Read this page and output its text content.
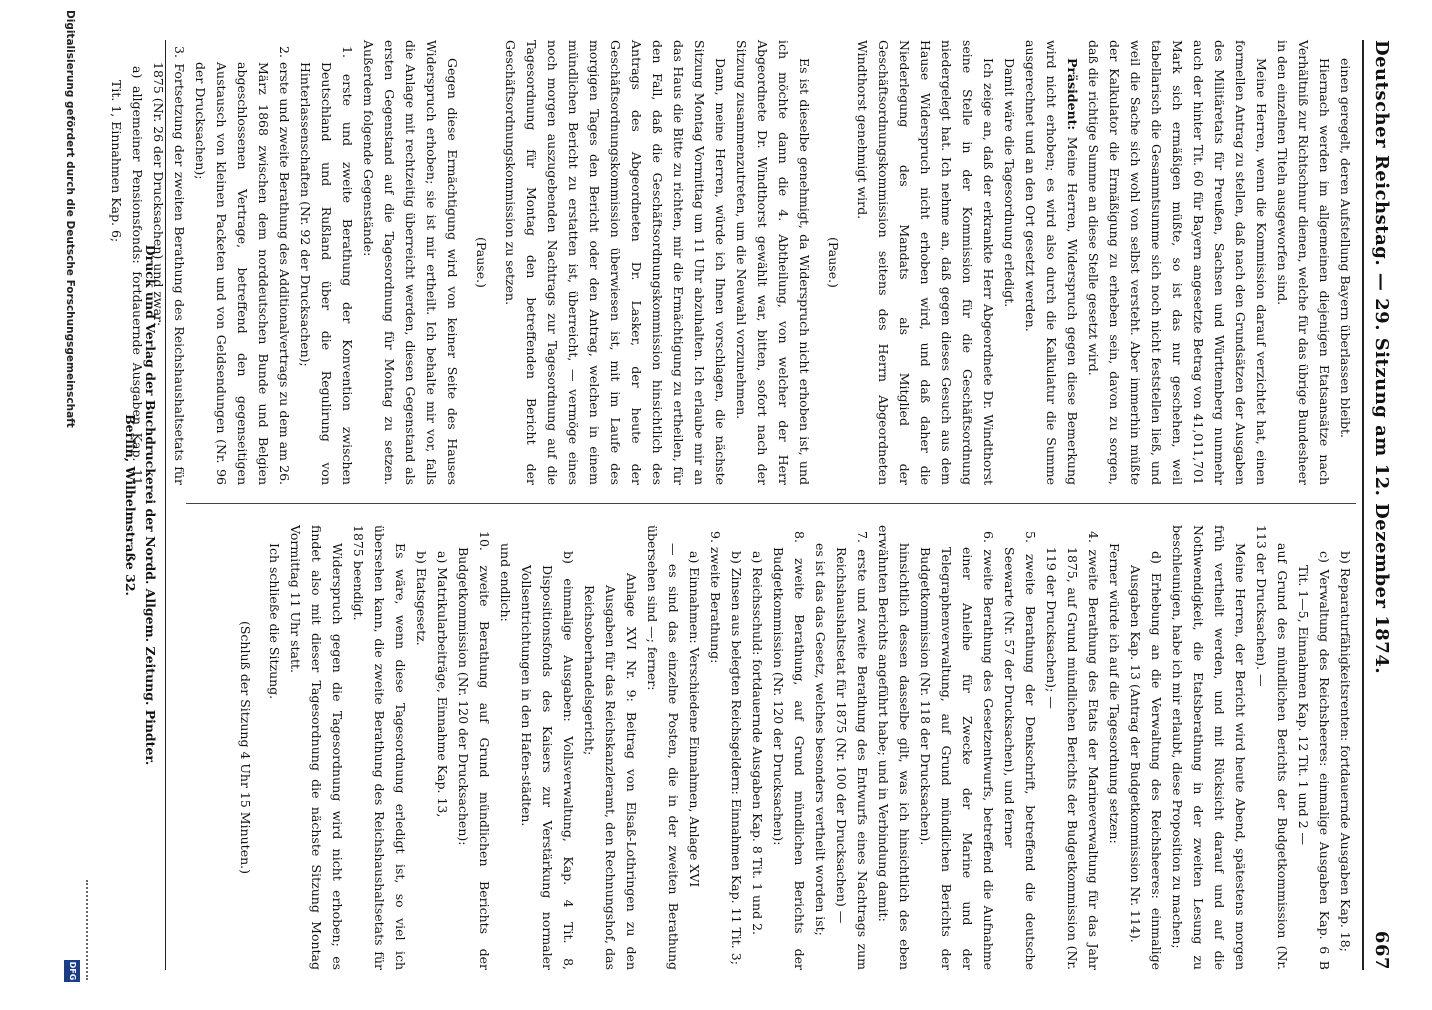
Deutscher Reichstag. — 29. Sitzung am 12. Dezember 1874.
667

einen geregelt, deren Aufstellung Bayern überlassen bleibt.

Hiernach werden im allgemeinen diejenigen Etatsansätze nach Verhältniß zur Richtschnur dienen, welche für das übrige Bundesheer in den einzelnen Titeln ausgeworfen sind.

Meine Herren, wenn die Kommission darauf verzichtet hat, einen formellen Antrag zu stellen, daß nach den Grundsätzen der Ausgaben des Militäretats für Preußen, Sachsen und Württemberg nunmehr auch der hinter Tit. 60 für Bayern angesetzte Betrag von 41,011,701 Mark sich ermäßigen müßte, so ist das nur geschehen, weil tabellarisch die Gesammtsumme sich noch nicht feststellen ließ, und weil die Sache sich wohl von selbst versteht. Aber immerhin müßte der Kalkulator die Ermäßigung zu erheben sein, davon zu sorgen, daß die richtige Summe an diese Stelle gesetzt wird.

Präsident: Meine Herren, Widerspruch gegen diese Bemerkung wird nicht erhoben; es wird also durch die Kalkulatur die Summe ausgerechnet und an den Ort gesetzt werden.

Damit wäre die Tagesordnung erledigt.

Ich zeige an, daß der erkrankte Herr Abgeordnete Dr. Windthorst seine Stelle in der Kommission für die Geschäftsordnung niedergelegt hat. Ich nehme an, daß gegen dieses Gesuch aus dem Hause Widerspruch nicht erhoben wird, und daß daher die Niederlegung des Mandats als Mitglied der Geschäftsordnungskommission seitens des Herrn Abgeordneten Windthorst genehmigt wird.

(Pause.)

Es ist dieselbe genehmigt, da Widerspruch nicht erhoben ist, und ich möchte dann die 4. Abtheilung, von welcher der Herr Abgeordnete Dr. Windthorst gewählt war, bitten, sofort nach der Sitzung zusammenzutreten, um die Neuwahl vorzunehmen.

Dann, meine Herren, würde ich Ihnen vorschlagen, die nächste Sitzung Montag Vormittag um 11 Uhr abzuhalten. Ich erlaube mir an das Haus die Bitte zu richten, mir die Ermächtigung zu ertheilen, für den Fall, daß die Geschäftsordnungskommission hinsichtlich des Antrags des Abgeordneten Dr. Lasker, der heute der Geschäftsordnungskommission überwiesen ist, mit im Laufe des morgigen Tages den Bericht oder den Antrag, welchen in einem mündlichen Bericht zu erstatten ist, überreicht, — vermöge eines noch morgen auszugebenden Nachtrags zur Tagesordnung auf die Tagesordnung für Montag den betreffenden Bericht der Geschäftsordnungskommission zu setzen.

(Pause.)

Gegen diese Ermächtigung wird von keiner Seite des Hauses Widerspruch erhoben; sie ist mir ertheilt. Ich behalte mir vor, falls die Anlage mit rechtzeitig überreicht werden, diesen Gegenstand als ersten Gegenstand auf die Tagesordnung für Montag zu setzen. Außerdem folgende Gegenstände:

1. erste und zweite Berathung der Konvention zwischen Deutschland und Rußland über die Regulirung von Hinterlassenschaften (Nr. 92 der Drucksachen);

2. erste und zweite Berathung des Additionalvertrags zu dem am 26. März 1868 zwischen dem norddeutschen Bunde und Belgien abgeschlossenen Vertrage, betreffend den gegenseitigen Austausch von kleinen Packeten und von Geldsendungen (Nr. 96 der Drucksachen);

3. Fortsetzung der zweiten Berathung des Reichshaushaltsetats für 1875 (Nr. 26 der Drucksachen) und zwar:

a) allgemeiner Pensionsfonds: fortdauernde Ausgaben Kap. 11 Tit. 1, Einnahmen Kap. 6;

b) Reparaturfähigkeitsrenten: fortdauernde Ausgaben Kap. 18;

c) Verwaltung des Reichsheeres: einmalige Ausgaben Kap. 6 B Tit. 1—5, Einnahmen Kap. 12 Tit. 1 und 2 —

auf Grund des mündlichen Berichts der Budgetkommission (Nr. 113 der Drucksachen). —

Meine Herren, der Bericht wird heute Abend, spätestens morgen früh vertheilt werden, und mit Rücksicht darauf und auf die Nothwendigkeit, die Etatsberathung in der zweiten Lesung zu beschleunigen, habe ich mir erlaubt, diese Proposition zu machen;

d) Erhebung an die Verwaltung des Reichsheeres: einmalige Ausgaben Kap. 13 (Antrag der Budgetkommission Nr. 114).

Ferner würde ich auf die Tagesordnung setzen:

4. zweite Berathung des Etats der Marineverwaltung für das Jahr 1875, auf Grund mündlichen Berichts der Budgetkommission (Nr. 119 der Drucksachen); —

5. zweite Berathung der Denkschrift, betreffend die deutsche Seewarte (Nr. 57 der Drucksachen), und ferner

6. zweite Berathung des Gesetzentwurfs, betreffend die Aufnahme einer Anleihe für Zwecke der Marine und der Telegraphenverwaltung, auf Grund mündlichen Berichts der Budgetkommission (Nr. 118 der Drucksachen).

hinsichtlich dessen dasselbe gilt, was ich hinsichtlich des eben erwähnten Berichts angeführt habe; und in Verbindung damit:

7. erste und zweite Berathung des Entwurfs eines Nachtrags zum Reichshaushaltsetat für 1875 (Nr. 100 der Drucksachen) —

es ist das das Gesetz, welches besonders vertheilt worden ist;

8. zweite Berathung, auf Grund mündlichen Berichts der Budgetkommission (Nr. 120 der Drucksachen):

a) Reichsschuld: fortdauernde Ausgaben Kap. 8 Tit. 1 und 2.

b) Zinsen aus belegten Reichsgeldern: Einnahmen Kap. 11 Tit. 3;

9. zweite Berathung:

a) Einnahmen: Verschiedene Einnahmen, Anlage XVI

— es sind das einzelne Posten, die in der zweiten Berathung übersehen sind —; ferner:

Anlage XVI Nr. 9: Beitrag von Elsaß-Lothringen zu den Ausgaben für das Reichskanzleramt, den Rechnungshof, das Reichsoberhandelsgericht;

b) einmalige Ausgaben: Vollsverwaltung, Kap. 4 Tit. 8, Dispositionsfonds des Kaisers zur Verstärkung normaler Vollsentrichtungen in den Hafen-städten.

und endlich:

10. zweite Berathung auf Grund mündlichen Berichts der Budgetkommission (Nr. 120 der Drucksachen):

a) Matrikularbeiträge, Einnahme Kap. 13,

b) Etatsgesetz.

Es wäre, wenn diese Tagesordnung erledigt ist, so viel ich übersehen kann, die zweite Berathung des Reichshaushaltsetats für 1875 beendigt.

Widerspruch gegen die Tagesordnung wird nicht erhoben; es findet also mit dieser Tagesordnung die nächste Sitzung Montag Vormittag 11 Uhr statt.

Ich schließe die Sitzung.

(Schluß der Sitzung 4 Uhr 15 Minuten.)

Druck und Verlag der Buchdruckerei der Nordd. Allgem. Zeitung. Pindter.
Berlin, Wilhelmstraße 32.
Digitalisierung gefördert durch die Deutsche Forschungsgemeinschaft
DFG
